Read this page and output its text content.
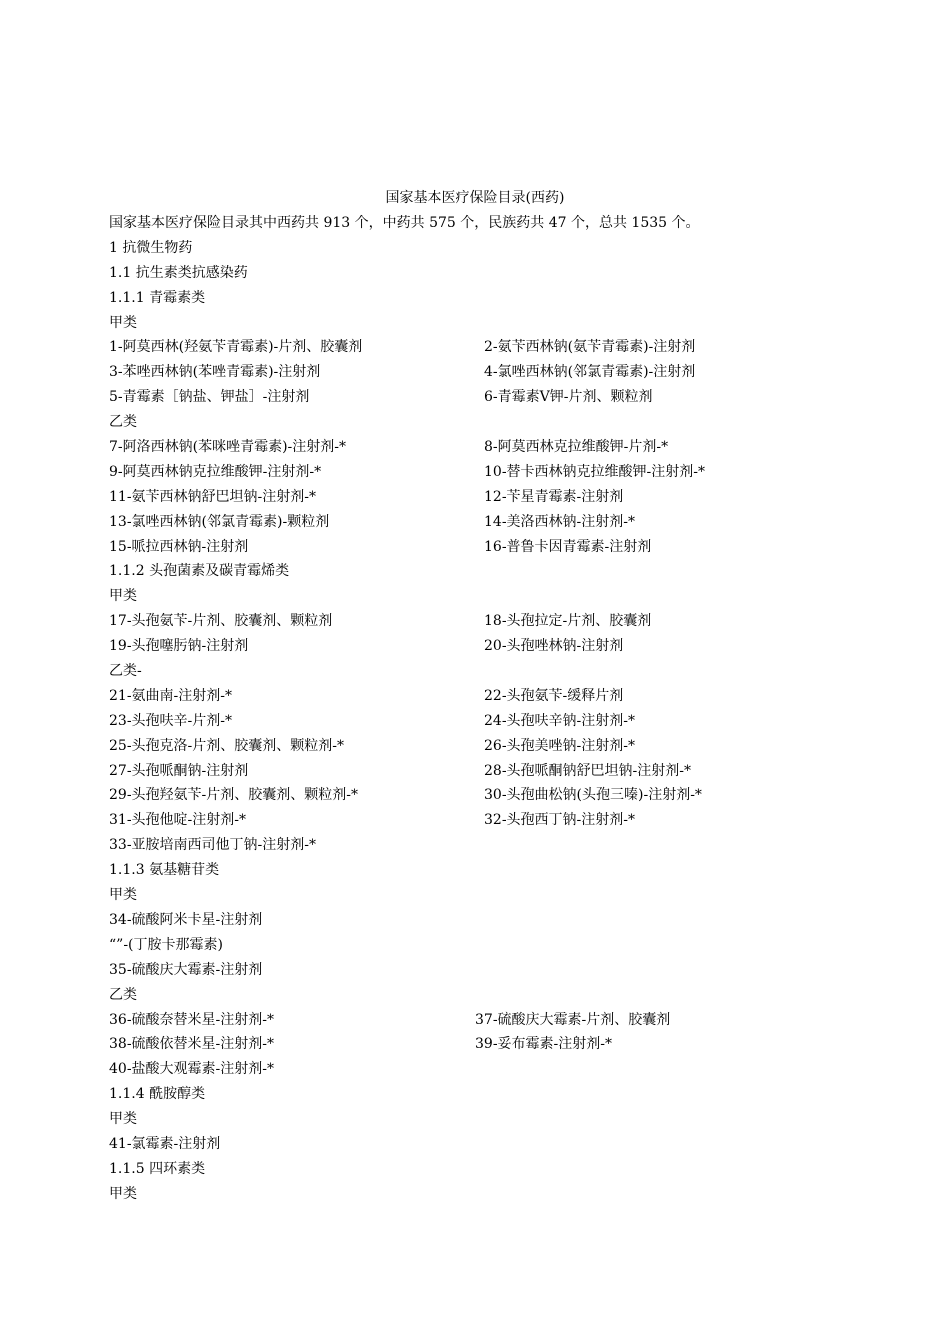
国家基本医疗保险目录(西药)
国家基本医疗保险目录其中西药共 913 个，中药共 575 个，民族药共 47 个，总共 1535 个。
1 抗微生物药
1.1 抗生素类抗感染药
1.1.1 青霉素类
甲类
1-阿莫西林(羟氨苄青霉素)-片剂、胶囊剂	2-氨苄西林钠(氨苄青霉素)-注射剂
3-苯唑西林钠(苯唑青霉素)-注射剂	4-氯唑西林钠(邻氯青霉素)-注射剂
5-青霉素［钠盐、钾盐］-注射剂	6-青霉素Ⅴ钾-片剂、颗粒剂
乙类
7-阿洛西林钠(苯咪唑青霉素)-注射剂-*	8-阿莫西林克拉维酸钾-片剂-*
9-阿莫西林钠克拉维酸钾-注射剂-*	10-替卡西林钠克拉维酸钾-注射剂-*
11-氨苄西林钠舒巴坦钠-注射剂-*	12-苄星青霉素-注射剂
13-氯唑西林钠(邻氯青霉素)-颗粒剂	14-美洛西林钠-注射剂-*
15-哌拉西林钠-注射剂	16-普鲁卡因青霉素-注射剂
1.1.2 头孢菌素及碳青霉烯类
甲类
17-头孢氨苄-片剂、胶囊剂、颗粒剂	18-头孢拉定-片剂、胶囊剂
19-头孢噻肟钠-注射剂	20-头孢唑林钠-注射剂
乙类-
21-氨曲南-注射剂-*	22-头孢氨苄-缓释片剂
23-头孢呋辛-片剂-*	24-头孢呋辛钠-注射剂-*
25-头孢克洛-片剂、胶囊剂、颗粒剂-*	26-头孢美唑钠-注射剂-*
27-头孢哌酮钠-注射剂	28-头孢哌酮钠舒巴坦钠-注射剂-*
29-头孢羟氨苄-片剂、胶囊剂、颗粒剂-*	30-头孢曲松钠(头孢三嗪)-注射剂-*
31-头孢他啶-注射剂-*	32-头孢西丁钠-注射剂-*
33-亚胺培南西司他丁钠-注射剂-*
1.1.3 氨基糖苷类
甲类
34-硫酸阿米卡星-注射剂
“”-(丁胺卡那霉素)
35-硫酸庆大霉素-注射剂
乙类
36-硫酸奈替米星-注射剂-*	37-硫酸庆大霉素-片剂、胶囊剂
38-硫酸依替米星-注射剂-*	39-妥布霉素-注射剂-*
40-盐酸大观霉素-注射剂-*
1.1.4 酰胺醇类
甲类
41-氯霉素-注射剂
1.1.5 四环素类
甲类
